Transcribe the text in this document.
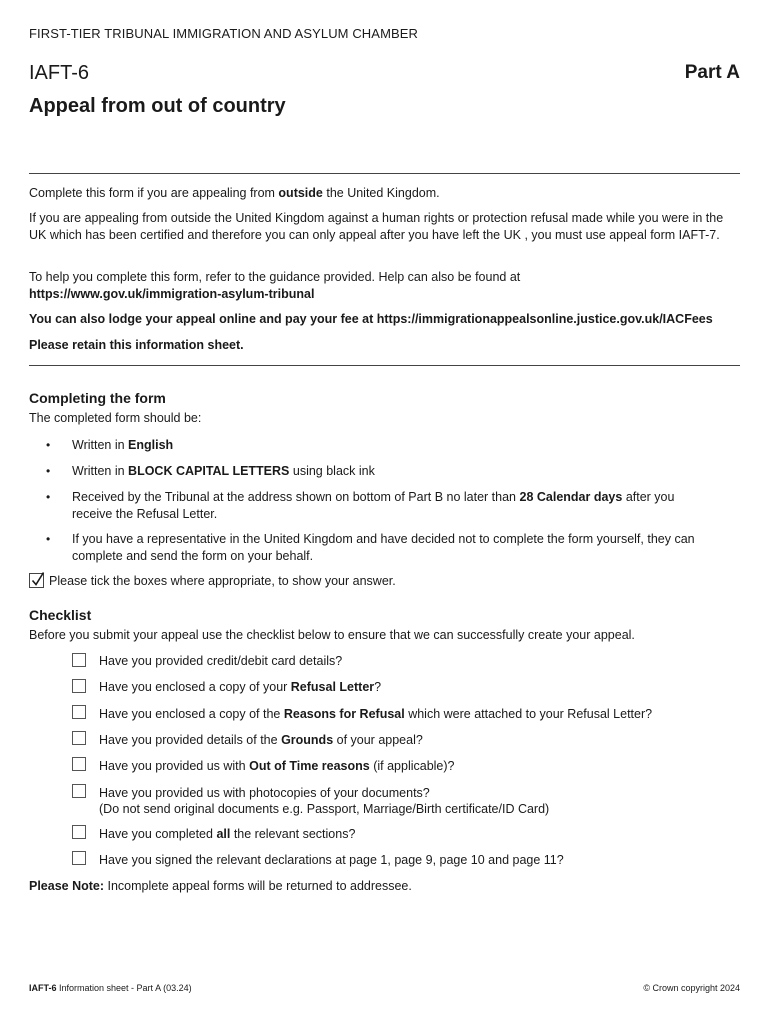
FIRST-TIER TRIBUNAL IMMIGRATION AND ASYLUM CHAMBER
IAFT-6	Part A
Appeal from out of country
Complete this form if you are appealing from outside the United Kingdom.
If you are appealing from outside the United Kingdom against a human rights or protection refusal made while you were in the UK which has been certified and therefore you can only appeal after you have left the UK , you must use appeal form IAFT-7.
To help you complete this form, refer to the guidance provided. Help can also be found at
https://www.gov.uk/immigration-asylum-tribunal
You can also lodge your appeal online and pay your fee at https://immigrationappealsonline.justice.gov.uk/IACFees
Please retain this information sheet.
Completing the form
The completed form should be:
• Written in English
• Written in BLOCK CAPITAL LETTERS using black ink
• Received by the Tribunal at the address shown on bottom of Part B no later than 28 Calendar days after you receive the Refusal Letter.
• If you have a representative in the United Kingdom and have decided not to complete the form yourself, they can complete and send the form on your behalf.
Please tick the boxes where appropriate, to show your answer.
Checklist
Before you submit your appeal use the checklist below to ensure that we can successfully create your appeal.
Have you provided credit/debit card details?
Have you enclosed a copy of your Refusal Letter?
Have you enclosed a copy of the Reasons for Refusal which were attached to your Refusal Letter?
Have you provided details of the Grounds of your appeal?
Have you provided us with Out of Time reasons (if applicable)?
Have you provided us with photocopies of your documents?
(Do not send original documents e.g. Passport, Marriage/Birth certificate/ID Card)
Have you completed all the relevant sections?
Have you signed the relevant declarations at page 1, page 9, page 10 and page 11?
Please Note: Incomplete appeal forms will be returned to addressee.
IAFT-6 Information sheet - Part A (03.24)	© Crown copyright 2024
